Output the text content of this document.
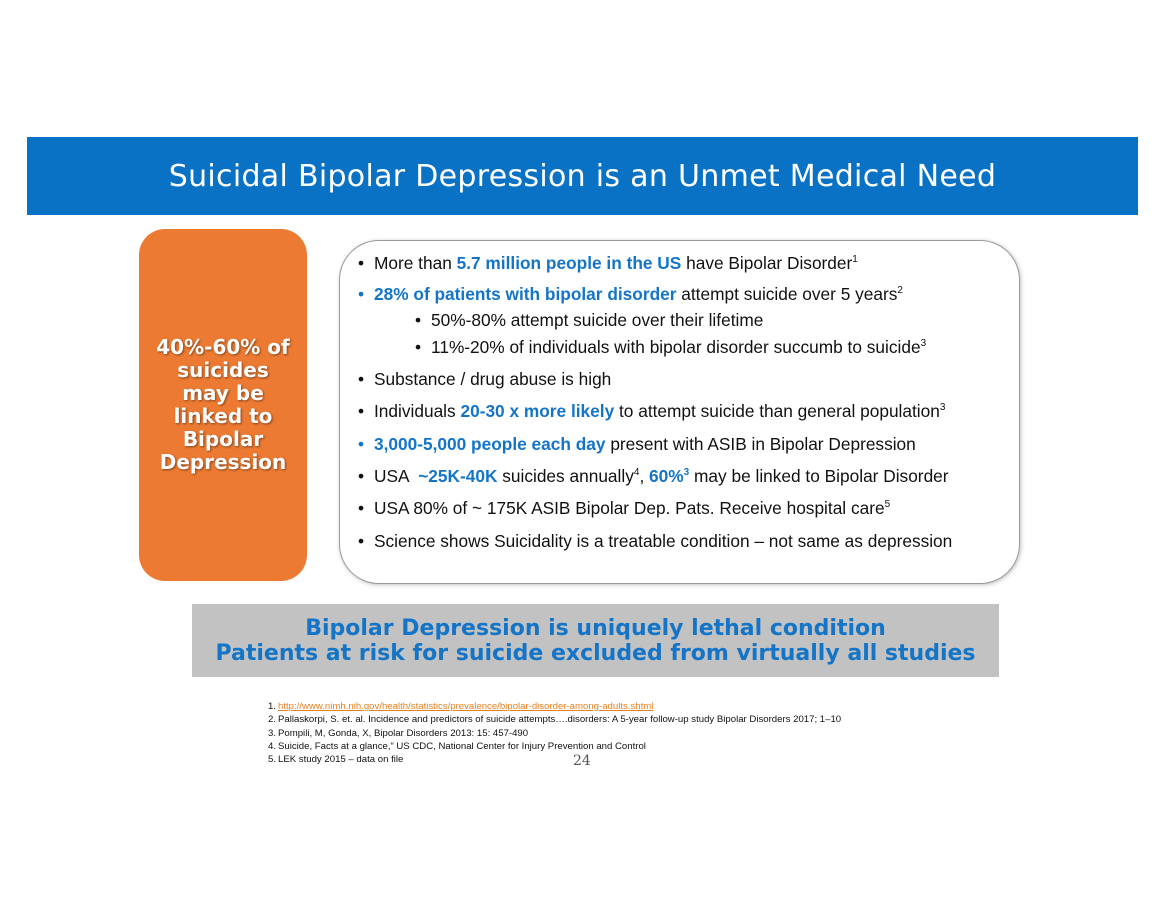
Suicidal Bipolar Depression is an Unmet Medical Need
40%-60% of suicides may be linked to Bipolar Depression
• More than 5.7 million people in the US have Bipolar Disorder$^1$
• 28% of patients with bipolar disorder attempt suicide over 5 years$^2$
• 50%-80% attempt suicide over their lifetime
• 11%-20% of individuals with bipolar disorder succumb to suicide$^3$
• Substance / drug abuse is high
• Individuals 20-30 x more likely to attempt suicide than general population$^3$
• 3,000-5,000 people each day present with ASIB in Bipolar Depression
• USA  ~25K-40K suicides annually$^4$, 60%$^3$ may be linked to Bipolar Disorder
• USA 80% of ~ 175K ASIB Bipolar Dep. Pats. Receive hospital care$^5$
• Science shows Suicidality is a treatable condition – not same as depression
Bipolar Depression is uniquely lethal condition
Patients at risk for suicide excluded from virtually all studies
1. http://www.nimh.nih.gov/health/statistics/prevalence/bipolar-disorder-among-adults.shtml
2. Pallaskorpi, S. et. al. Incidence and predictors of suicide attempts….disorders: A 5-year follow-up study Bipolar Disorders 2017; 1–10
3. Pompili, M, Gonda, X, Bipolar Disorders 2013: 15: 457-490
4. Suicide, Facts at a glance,” US CDC, National Center for Injury Prevention and Control
5. LEK study 2015 – data on file	24
